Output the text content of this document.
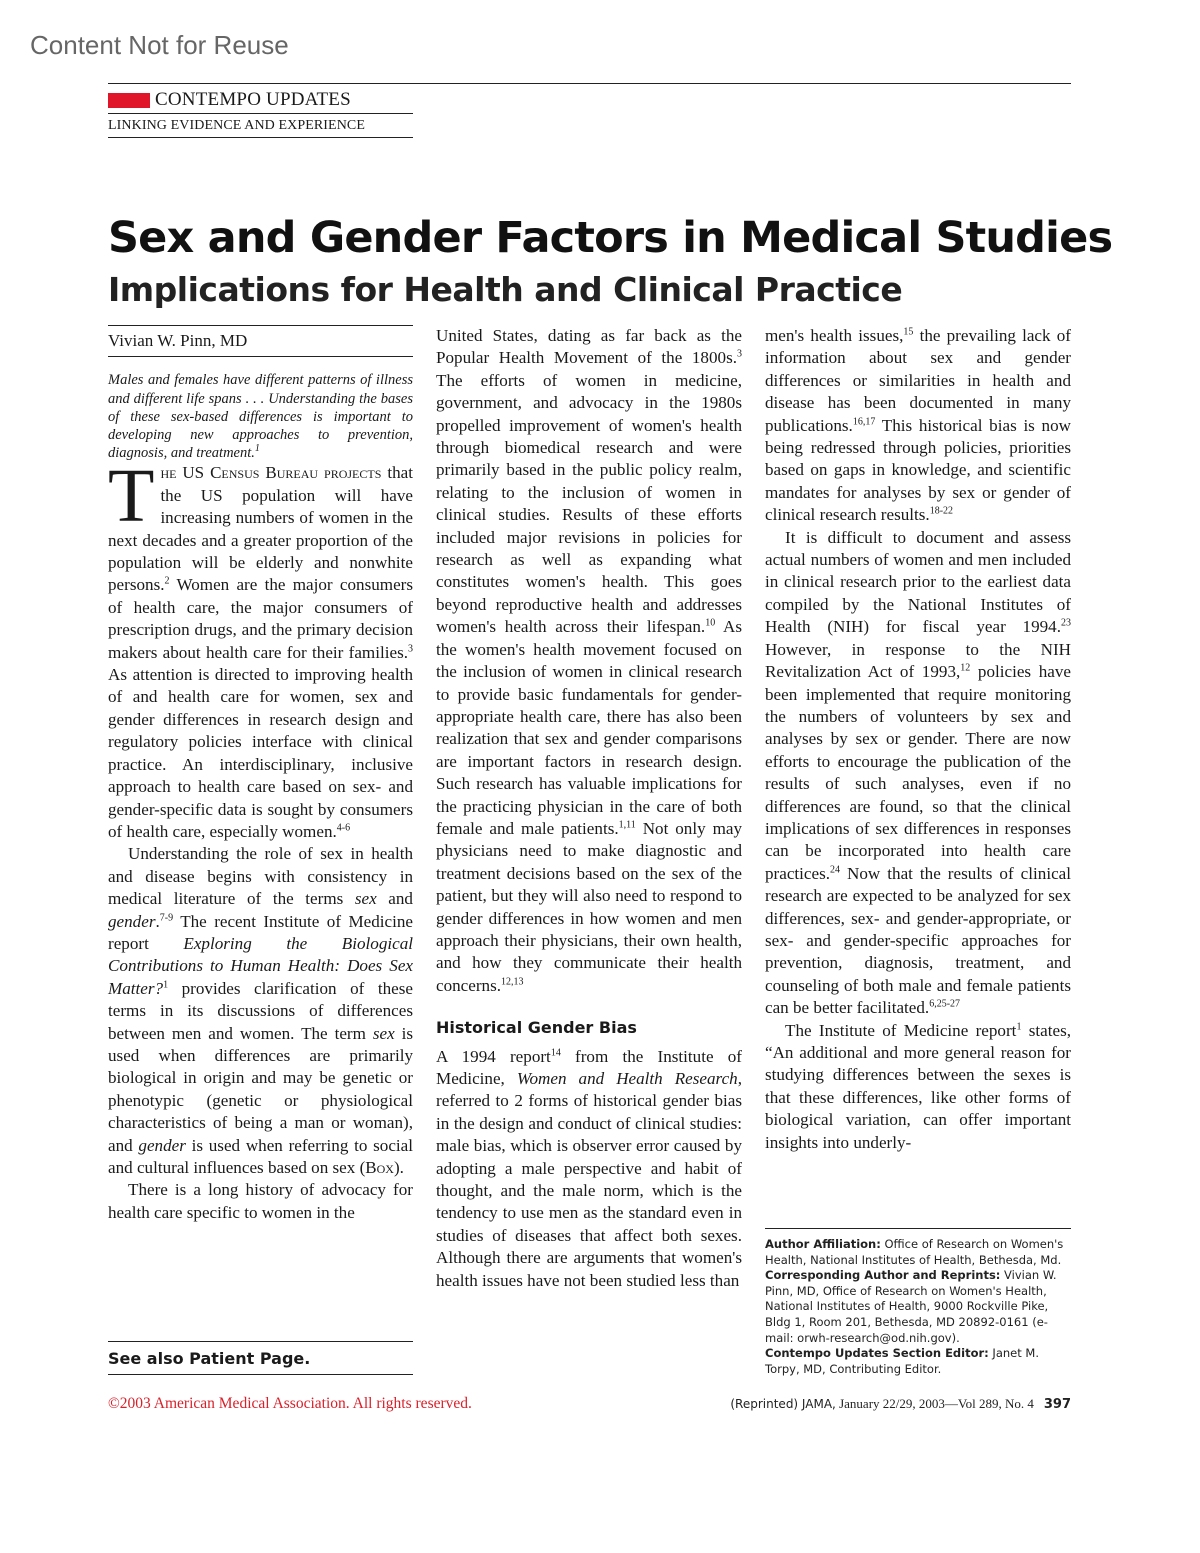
Content Not for Reuse
CONTEMPO UPDATES
LINKING EVIDENCE AND EXPERIENCE
Sex and Gender Factors in Medical Studies
Implications for Health and Clinical Practice
Vivian W. Pinn, MD

Males and females have different patterns of illness and different life spans . . . Understanding the bases of these sex-based differences is important to developing new approaches to prevention, diagnosis, and treatment.$^1$

The US Census Bureau projects that the US population will have increasing numbers of women in the next decades and a greater proportion of the population will be elderly and nonwhite persons.$^2$ Women are the major consumers of health care, the major consumers of prescription drugs, and the primary decision makers about health care for their families.$^3$ As attention is directed to improving health of and health care for women, sex and gender differences in research design and regulatory policies interface with clinical practice. An interdisciplinary, inclusive approach to health care based on sex- and gender-specific data is sought by consumers of health care, especially women.$^{4-6}$

Understanding the role of sex in health and disease begins with consistency in medical literature of the terms sex and gender.$^{7-9}$ The recent Institute of Medicine report Exploring the Biological Contributions to Human Health: Does Sex Matter?$^1$ provides clarification of these terms in its discussions of differences between men and women. The term sex is used when differences are primarily biological in origin and may be genetic or phenotypic (genetic or physiological characteristics of being a man or woman), and gender is used when referring to social and cultural influences based on sex (Box).

There is a long history of advocacy for health care specific to women in the

United States, dating as far back as the Popular Health Movement of the 1800s.$^3$ The efforts of women in medicine, government, and advocacy in the 1980s propelled improvement of women's health through biomedical research and were primarily based in the public policy realm, relating to the inclusion of women in clinical studies. Results of these efforts included major revisions in policies for research as well as expanding what constitutes women's health. This goes beyond reproductive health and addresses women's health across their lifespan.$^{10}$ As the women's health movement focused on the inclusion of women in clinical research to provide basic fundamentals for gender-appropriate health care, there has also been realization that sex and gender comparisons are important factors in research design. Such research has valuable implications for the practicing physician in the care of both female and male patients.$^{1,11}$ Not only may physicians need to make diagnostic and treatment decisions based on the sex of the patient, but they will also need to respond to gender differences in how women and men approach their physicians, their own health, and how they communicate their health concerns.$^{12,13}$

Historical Gender Bias

A 1994 report$^{14}$ from the Institute of Medicine, Women and Health Research, referred to 2 forms of historical gender bias in the design and conduct of clinical studies: male bias, which is observer error caused by adopting a male perspective and habit of thought, and the male norm, which is the tendency to use men as the standard even in studies of diseases that affect both sexes. Although there are arguments that women's health issues have not been studied less than

men's health issues,$^{15}$ the prevailing lack of information about sex and gender differences or similarities in health and disease has been documented in many publications.$^{16,17}$ This historical bias is now being redressed through policies, priorities based on gaps in knowledge, and scientific mandates for analyses by sex or gender of clinical research results.$^{18-22}$

It is difficult to document and assess actual numbers of women and men included in clinical research prior to the earliest data compiled by the National Institutes of Health (NIH) for fiscal year 1994.23 However, in response to the NIH Revitalization Act of 1993,12 policies have been implemented that require monitoring the numbers of volunteers by sex and analyses by sex or gender. There are now efforts to encourage the publication of the results of such analyses, even if no differences are found, so that the clinical implications of sex differences in responses can be incorporated into health care practices.$^{24}$ Now that the results of clinical research are expected to be analyzed for sex differences, sex- and gender-appropriate, or sex- and gender-specific approaches for prevention, diagnosis, treatment, and counseling of both male and female patients can be better facilitated.$^{6,25-27}$

The Institute of Medicine report$^1$ states, “An additional and more general reason for studying differences between the sexes is that these differences, like other forms of biological variation, can offer important insights into underly-

Author Affiliation: Office of Research on Women's Health, National Institutes of Health, Bethesda, Md.
Corresponding Author and Reprints: Vivian W. Pinn, MD, Office of Research on Women's Health, National Institutes of Health, 9000 Rockville Pike, Bldg 1, Room 201, Bethesda, MD 20892-0161 (e-mail: orwh-research@od.nih.gov).
Contempo Updates Section Editor: Janet M. Torpy, MD, Contributing Editor.
See also Patient Page.
©2003 American Medical Association. All rights reserved.	(Reprinted) JAMA, January 22/29, 2003—Vol 289, No. 4 397
